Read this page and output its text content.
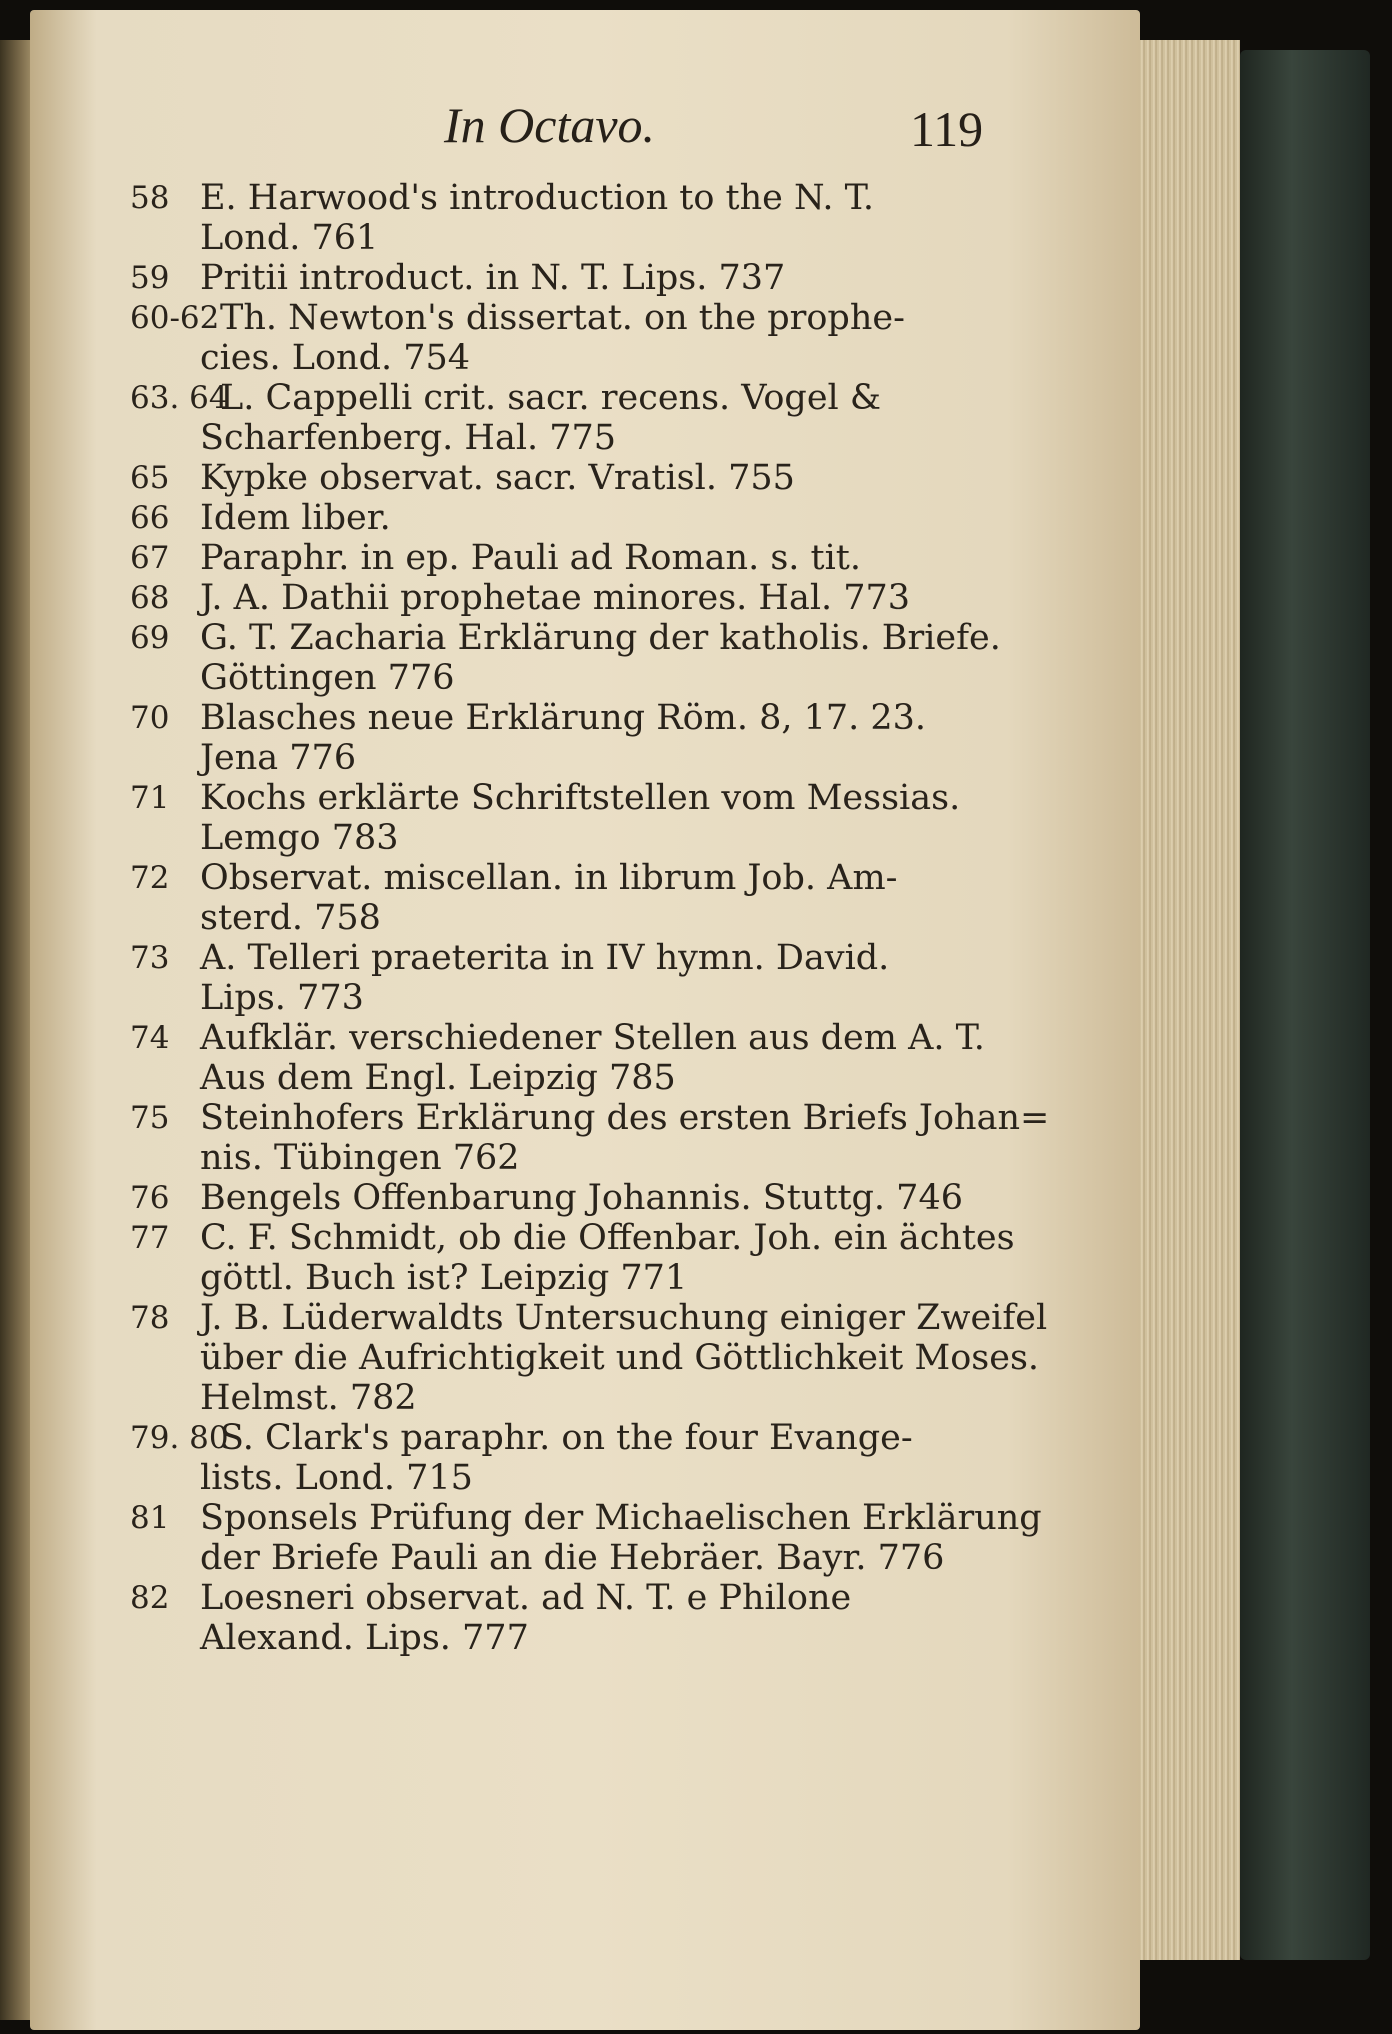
In Octavo.	119
58 E. Harwood's introduction to the N. T.
Lond. 761
59 Pritii introduct. in N. T. Lips. 737
60-62 Th. Newton's dissertat. on the prophe-
cies. Lond. 754
63. 64
L. Cappelli crit. sacr. recens. Vogel &
Scharfenberg. Hal. 775
65 Kypke observat. sacr. Vratisl. 755
66 Idem liber.
67 Paraphr. in ep. Pauli ad Roman. s. tit.
68 J. A. Dathii prophetae minores. Hal. 773
69 G. T. Zacharia Erklärung der katholis. Briefe.
Göttingen 776
70 Blasches neue Erklärung Röm. 8, 17. 23.
Jena 776
71 Kochs erklärte Schriftstellen vom Messias.
Lemgo 783
72 Observat. miscellan. in librum Job. Am-
sterd. 758
73 A. Telleri praeterita in IV hymn. David.
Lips. 773
74 Aufklär. verschiedener Stellen aus dem A. T.
Aus dem Engl. Leipzig 785
75 Steinhofers Erklärung des ersten Briefs Johan=
nis. Tübingen 762
76 Bengels Offenbarung Johannis. Stuttg. 746
77 C. F. Schmidt, ob die Offenbar. Joh. ein ächtes
göttl. Buch ist? Leipzig 771
78 J. B. Lüderwaldts Untersuchung einiger Zweifel
über die Aufrichtigkeit und Göttlichkeit Moses.
Helmst. 782
79. 80
S. Clark's paraphr. on the four Evange-
lists. Lond. 715
81 Sponsels Prüfung der Michaelischen Erklärung
der Briefe Pauli an die Hebräer. Bayr. 776
82 Loesneri observat. ad N. T. e Philone
Alexand. Lips. 777
